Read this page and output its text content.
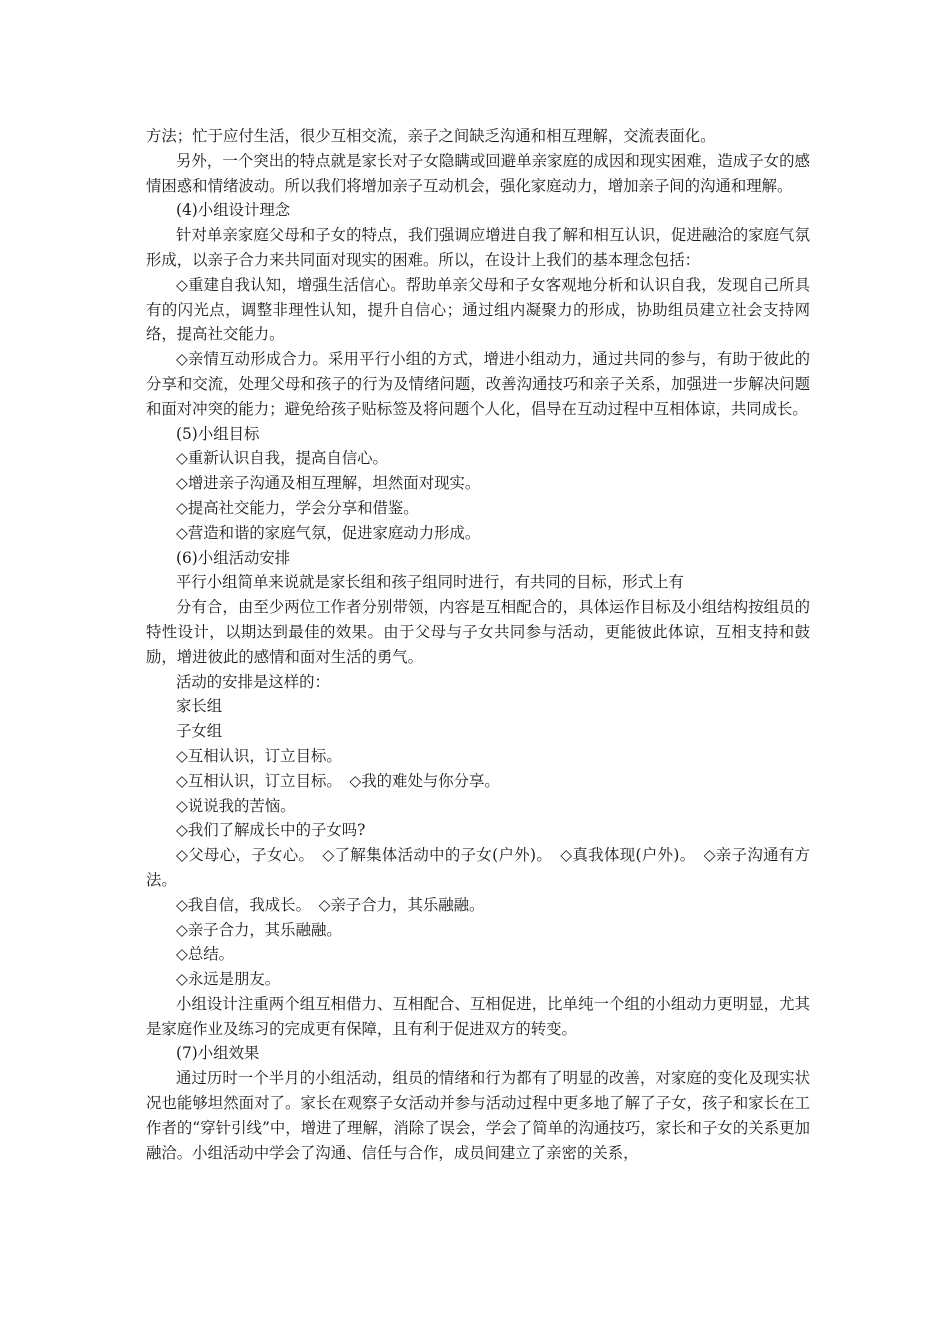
方法；忙于应付生活，很少互相交流，亲子之间缺乏沟通和相互理解，交流表面化。

另外，一个突出的特点就是家长对子女隐瞒或回避单亲家庭的成因和现实困难，造成子女的感情困惑和情绪波动。所以我们将增加亲子互动机会，强化家庭动力，增加亲子间的沟通和理解。

(4)小组设计理念

针对单亲家庭父母和子女的特点，我们强调应增进自我了解和相互认识，促进融洽的家庭气氛形成，以亲子合力来共同面对现实的困难。所以，在设计上我们的基本理念包括：

◇重建自我认知，增强生活信心。帮助单亲父母和子女客观地分析和认识自我，发现自己所具有的闪光点，调整非理性认知，提升自信心；通过组内凝聚力的形成，协助组员建立社会支持网络，提高社交能力。

◇亲情互动形成合力。采用平行小组的方式，增进小组动力，通过共同的参与，有助于彼此的分享和交流，处理父母和孩子的行为及情绪问题，改善沟通技巧和亲子关系，加强进一步解决问题和面对冲突的能力；避免给孩子贴标签及将问题个人化，倡导在互动过程中互相体谅，共同成长。

(5)小组目标

◇重新认识自我，提高自信心。

◇增进亲子沟通及相互理解，坦然面对现实。

◇提高社交能力，学会分享和借鉴。

◇营造和谐的家庭气氛，促进家庭动力形成。

(6)小组活动安排

平行小组简单来说就是家长组和孩子组同时进行，有共同的目标，形式上有

分有合，由至少两位工作者分别带领，内容是互相配合的，具体运作目标及小组结构按组员的特性设计，以期达到最佳的效果。由于父母与子女共同参与活动，更能彼此体谅，互相支持和鼓励，增进彼此的感情和面对生活的勇气。

活动的安排是这样的：

家长组

子女组

◇互相认识，订立目标。

◇互相认识，订立目标。　◇我的难处与你分享。

◇说说我的苦恼。

◇我们了解成长中的子女吗?

◇父母心，子女心。　◇了解集体活动中的子女(户外)。　◇真我体现(户外)。　◇亲子沟通有方法。

◇我自信，我成长。　◇亲子合力，其乐融融。

◇亲子合力，其乐融融。

◇总结。

◇永远是朋友。

小组设计注重两个组互相借力、互相配合、互相促进，比单纯一个组的小组动力更明显，尤其是家庭作业及练习的完成更有保障，且有利于促进双方的转变。

(7)小组效果

通过历时一个半月的小组活动，组员的情绪和行为都有了明显的改善，对家庭的变化及现实状况也能够坦然面对了。家长在观察子女活动并参与活动过程中更多地了解了子女，孩子和家长在工作者的“穿针引线”中，增进了理解，消除了误会，学会了简单的沟通技巧，家长和子女的关系更加融洽。小组活动中学会了沟通、信任与合作，成员间建立了亲密的关系，
